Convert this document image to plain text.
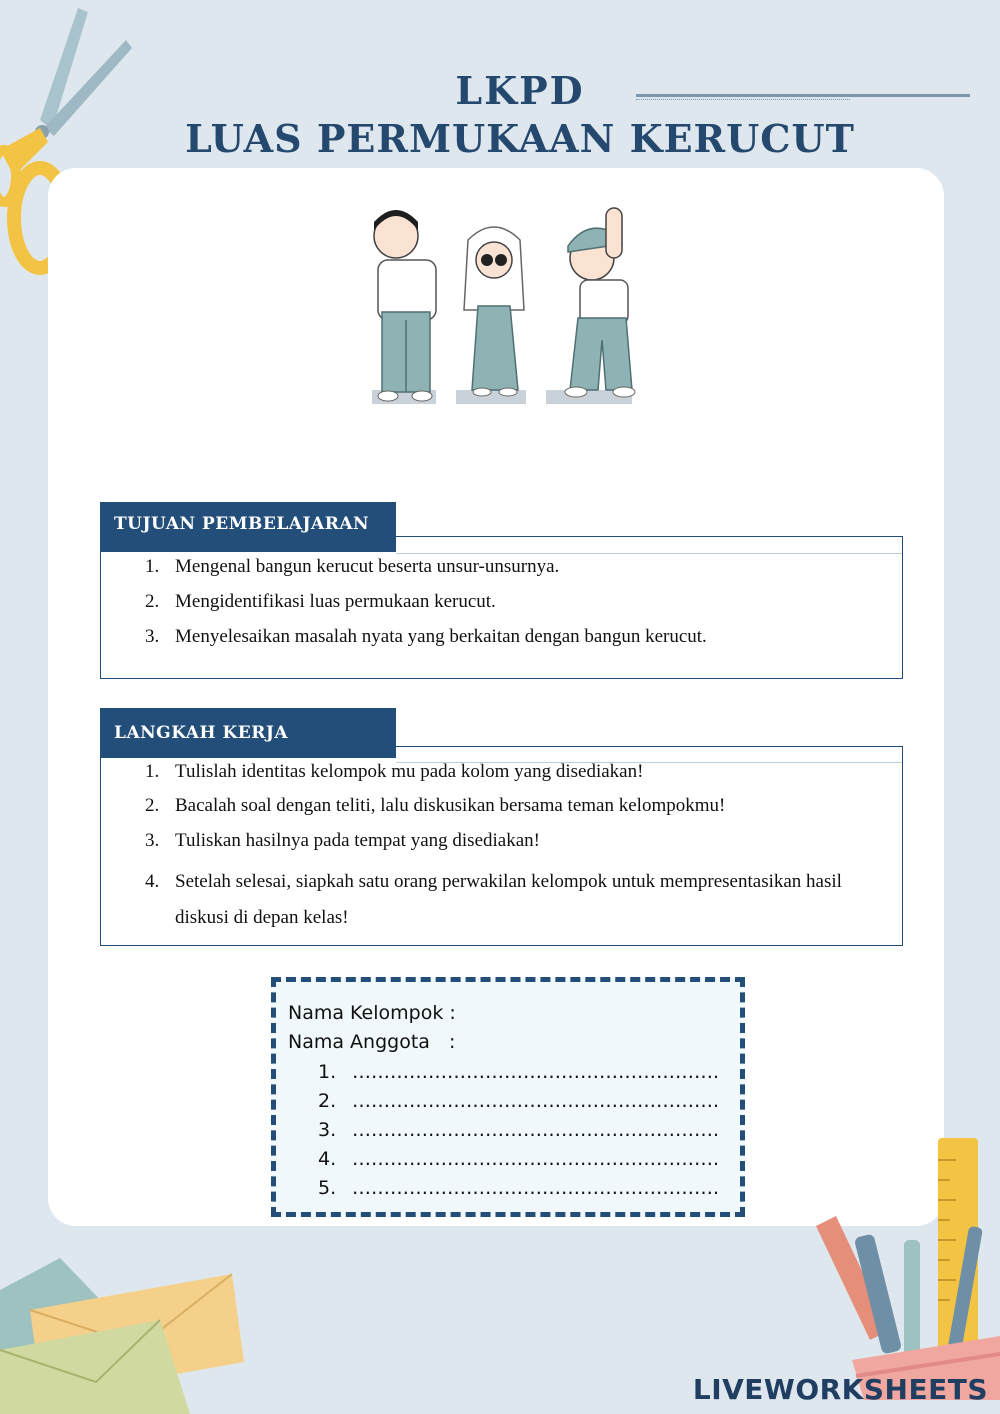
LKPD
LUAS PERMUKAAN KERUCUT
TUJUAN PEMBELAJARAN
1. Mengenal bangun kerucut beserta unsur-unsurnya.
2. Mengidentifikasi luas permukaan kerucut.
3. Menyelesaikan masalah nyata yang berkaitan dengan bangun kerucut.
LANGKAH KERJA
1. Tulislah identitas kelompok mu pada kolom yang disediakan!
2. Bacalah soal dengan teliti, lalu diskusikan bersama teman kelompokmu!
3. Tuliskan hasilnya pada tempat yang disediakan!
4. Setelah selesai, siapkah satu orang perwakilan kelompok untuk mempresentasikan hasil diskusi di depan kelas!
Nama Kelompok :
Nama Anggota :
1. ………………………………………………….
2. ………………………………………………….
3. ………………………………………………….
4. ………………………………………………….
5. ………………………………………………….
LIVEWORKSHEETS
